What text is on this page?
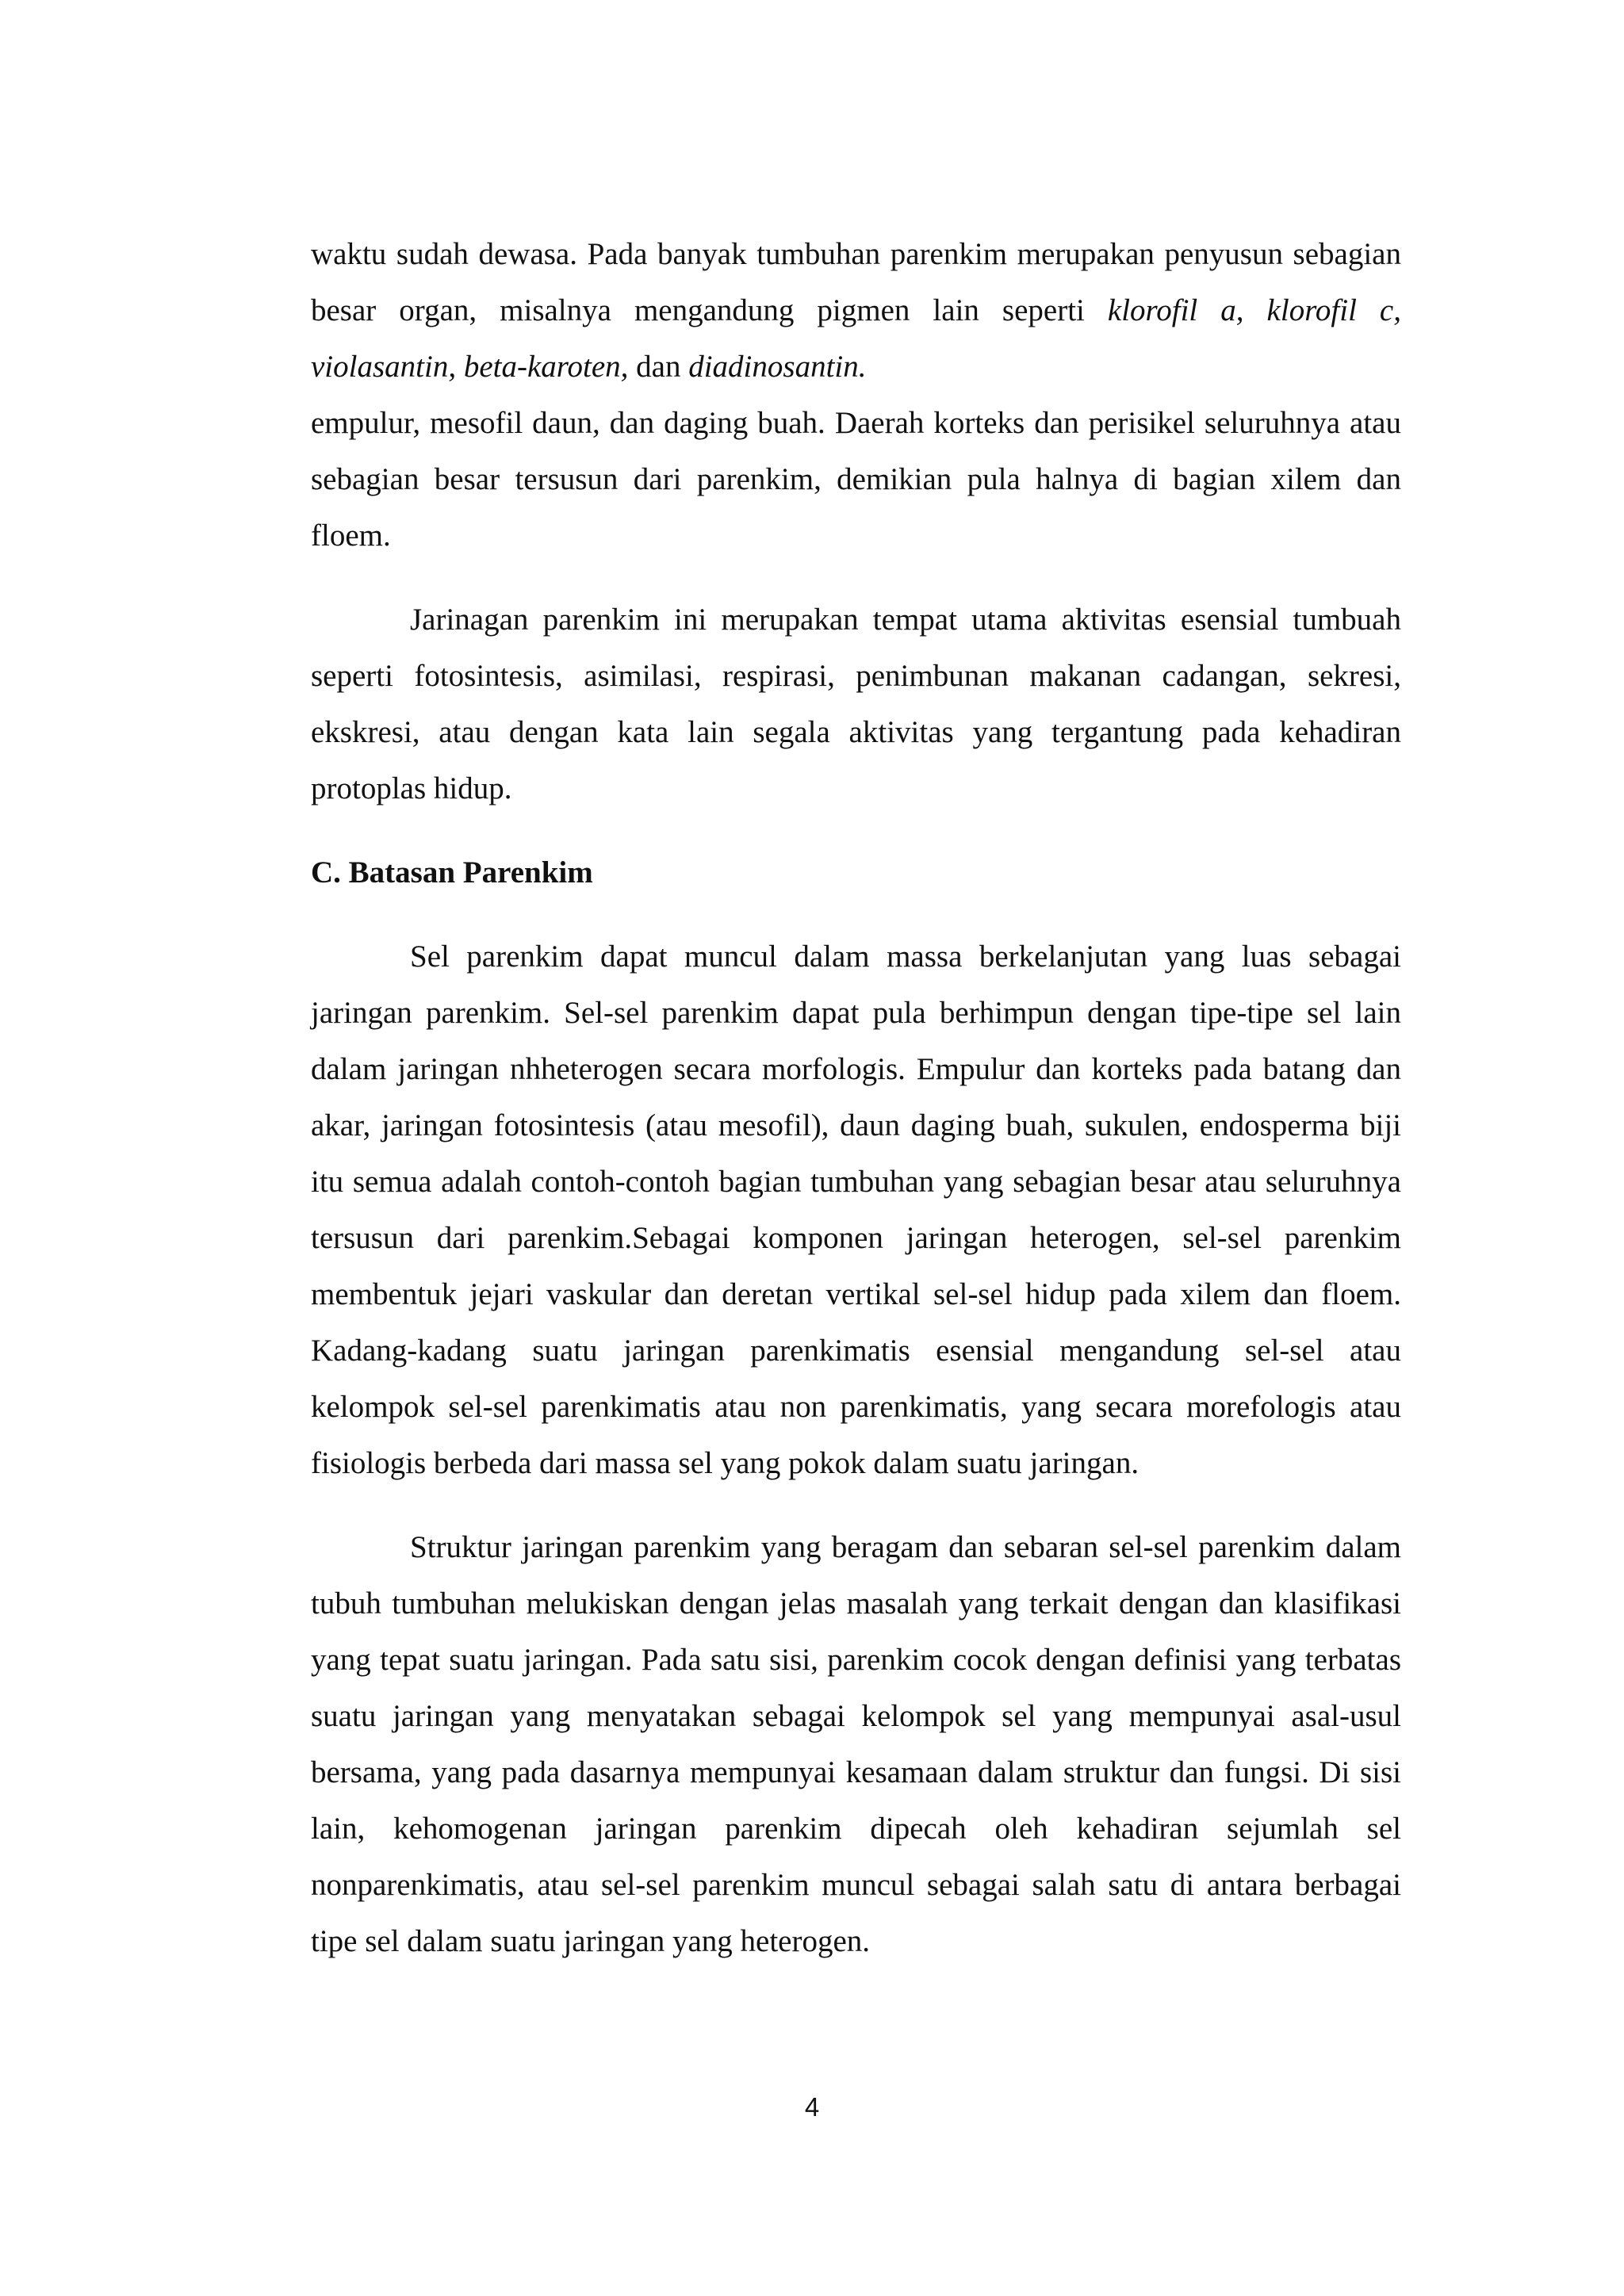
waktu sudah dewasa. Pada banyak tumbuhan parenkim merupakan penyusun sebagian besar organ, misalnya mengandung pigmen lain seperti klorofil a, klorofil c, violasantin, beta-karoten, dan diadinosantin.

empulur, mesofil daun, dan daging buah. Daerah korteks dan perisikel seluruhnya atau sebagian besar tersusun dari parenkim, demikian pula halnya di bagian xilem dan floem.

Jarinagan parenkim ini merupakan tempat utama aktivitas esensial tumbuah seperti fotosintesis, asimilasi, respirasi, penimbunan makanan cadangan, sekresi, ekskresi, atau dengan kata lain segala aktivitas yang tergantung pada kehadiran protoplas hidup.

C. Batasan Parenkim

Sel parenkim dapat muncul dalam massa berkelanjutan yang luas sebagai jaringan parenkim. Sel-sel parenkim dapat pula berhimpun dengan tipe-tipe sel lain dalam jaringan nhheterogen secara morfologis. Empulur dan korteks pada batang dan akar, jaringan fotosintesis (atau mesofil), daun daging buah, sukulen, endosperma biji itu semua adalah contoh-contoh bagian tumbuhan yang sebagian besar atau seluruhnya tersusun dari parenkim.Sebagai komponen jaringan heterogen, sel-sel parenkim membentuk jejari vaskular dan deretan vertikal sel-sel hidup pada xilem dan floem. Kadang-kadang suatu jaringan parenkimatis esensial mengandung sel-sel atau kelompok sel-sel parenkimatis atau non parenkimatis, yang secara morefologis atau fisiologis berbeda dari massa sel yang pokok dalam suatu jaringan.

Struktur jaringan parenkim yang beragam dan sebaran sel-sel parenkim dalam tubuh tumbuhan melukiskan dengan jelas masalah yang terkait dengan dan klasifikasi yang tepat suatu jaringan. Pada satu sisi, parenkim cocok dengan definisi yang terbatas suatu jaringan yang menyatakan sebagai kelompok sel yang mempunyai asal-usul bersama, yang pada dasarnya mempunyai kesamaan dalam struktur dan fungsi. Di sisi lain, kehomogenan jaringan parenkim dipecah oleh kehadiran sejumlah sel nonparenkimatis, atau sel-sel parenkim muncul sebagai salah satu di antara berbagai tipe sel dalam suatu jaringan yang heterogen.

4
